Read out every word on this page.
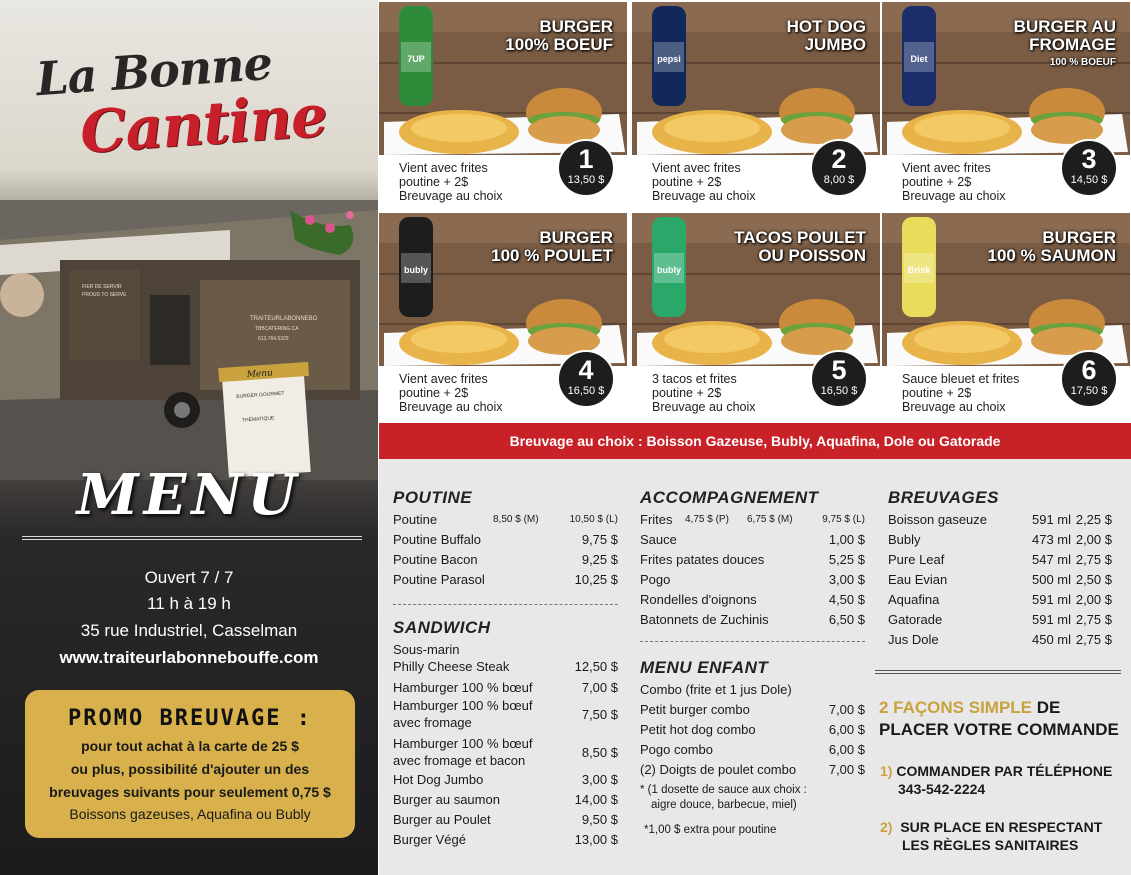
FIER DE SERVIR
PROUD TO SERVE
TRAITEURLABONNEBO
TBBCATERING.CA
613.764.5329
Menu
BURGER GOURMET
THÉMATIQUE
La Bonne
Cantine
MENU
Ouvert 7 / 7
11 h à 19 h
35 rue Industriel, Casselman
www.traiteurlabonnebouffe.com
PROMO BREUVAGE :
pour tout achat à la carte de 25 $
ou plus, possibilité d'ajouter un des
breuvages suivants pour seulement 0,75 $
Boissons gazeuses, Aquafina ou Bubly
7UP
BURGER
100% BOEUF
Vient avec frites
poutine + 2$
Breuvage au choix
1
13,50 $
pepsi
HOT DOG
JUMBO
Vient avec frites
poutine + 2$
Breuvage au choix
2
8,00 $
Diet
BURGER AU
FROMAGE
100 % BOEUF
Vient avec frites
poutine + 2$
Breuvage au choix
3
14,50 $
bubly
BURGER
100 % POULET
Vient avec frites
poutine + 2$
Breuvage au choix
4
16,50 $
bubly
TACOS POULET
OU POISSON
3 tacos et frites
poutine + 2$
Breuvage au choix
5
16,50 $
Brisk
BURGER
100 % SAUMON
Sauce bleuet et frites
poutine + 2$
Breuvage au choix
6
17,50 $
Breuvage au choix : Boisson Gazeuse, Bubly, Aquafina, Dole ou Gatorade
POUTINE
Poutine	8,50 $ (M)	10,50 $ (L)
Poutine Buffalo	9,75 $
Poutine Bacon	9,25 $
Poutine Parasol	10,25 $
SANDWICH
Sous-marin
Philly Cheese Steak	12,50 $
Hamburger 100 % bœuf	7,00 $
Hamburger 100 % bœuf
avec fromage
7,50 $
Hamburger 100 % bœuf
avec fromage et bacon
8,50 $
Hot Dog Jumbo	3,00 $
Burger au saumon	14,00 $
Burger au Poulet	9,50 $
Burger Végé	13,00 $
ACCOMPAGNEMENT
Frites 4,75 $ (P) 6,75 $ (M)	9,75 $ (L)
Sauce	1,00 $
Frites patates douces	5,25 $
Pogo	3,00 $
Rondelles d'oignons	4,50 $
Batonnets de Zuchinis	6,50 $
MENU ENFANT
Combo (frite et 1 jus Dole)
Petit burger combo	7,00 $
Petit hot dog combo	6,00 $
Pogo combo	6,00 $
(2) Doigts de poulet combo	7,00 $
* (1 dosette de sauce aux choix :
aigre douce, barbecue, miel)
*1,00 $ extra pour poutine
BREUVAGES
Boisson gaseuze	591 ml 2,25 $
Bubly	473 ml 2,00 $
Pure Leaf	547 ml 2,75 $
Eau Evian	500 ml 2,50 $
Aquafina	591 ml 2,00 $
Gatorade	591 ml 2,75 $
Jus Dole	450 ml 2,75 $
2 FAÇONS SIMPLE DE
PLACER VOTRE COMMANDE
1) COMMANDER PAR TÉLÉPHONE
343-542-2224
2) SUR PLACE EN RESPECTANT
LES RÈGLES SANITAIRES
